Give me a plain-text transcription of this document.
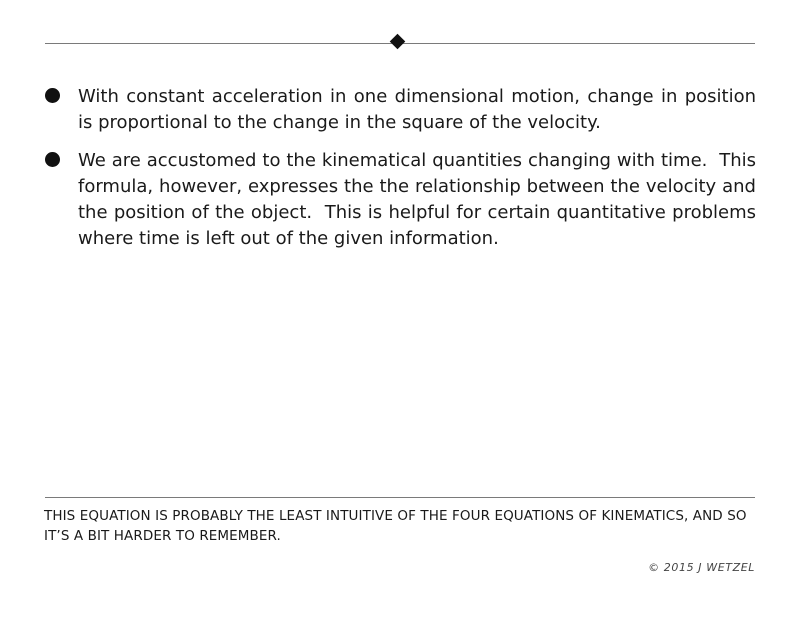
With constant acceleration in one dimensional motion, change in position is proportional to the change in the square of the velocity.
We are accustomed to the kinematical quantities changing with time.  This formula, however, expresses the the relationship between the velocity and the position of the object.  This is helpful for certain quantitative problems where time is left out of the given information.
THIS EQUATION IS PROBABLY THE LEAST INTUITIVE OF THE FOUR EQUATIONS OF KINEMATICS, AND SO IT’S A BIT HARDER TO REMEMBER.
© 2015 J WETZEL
